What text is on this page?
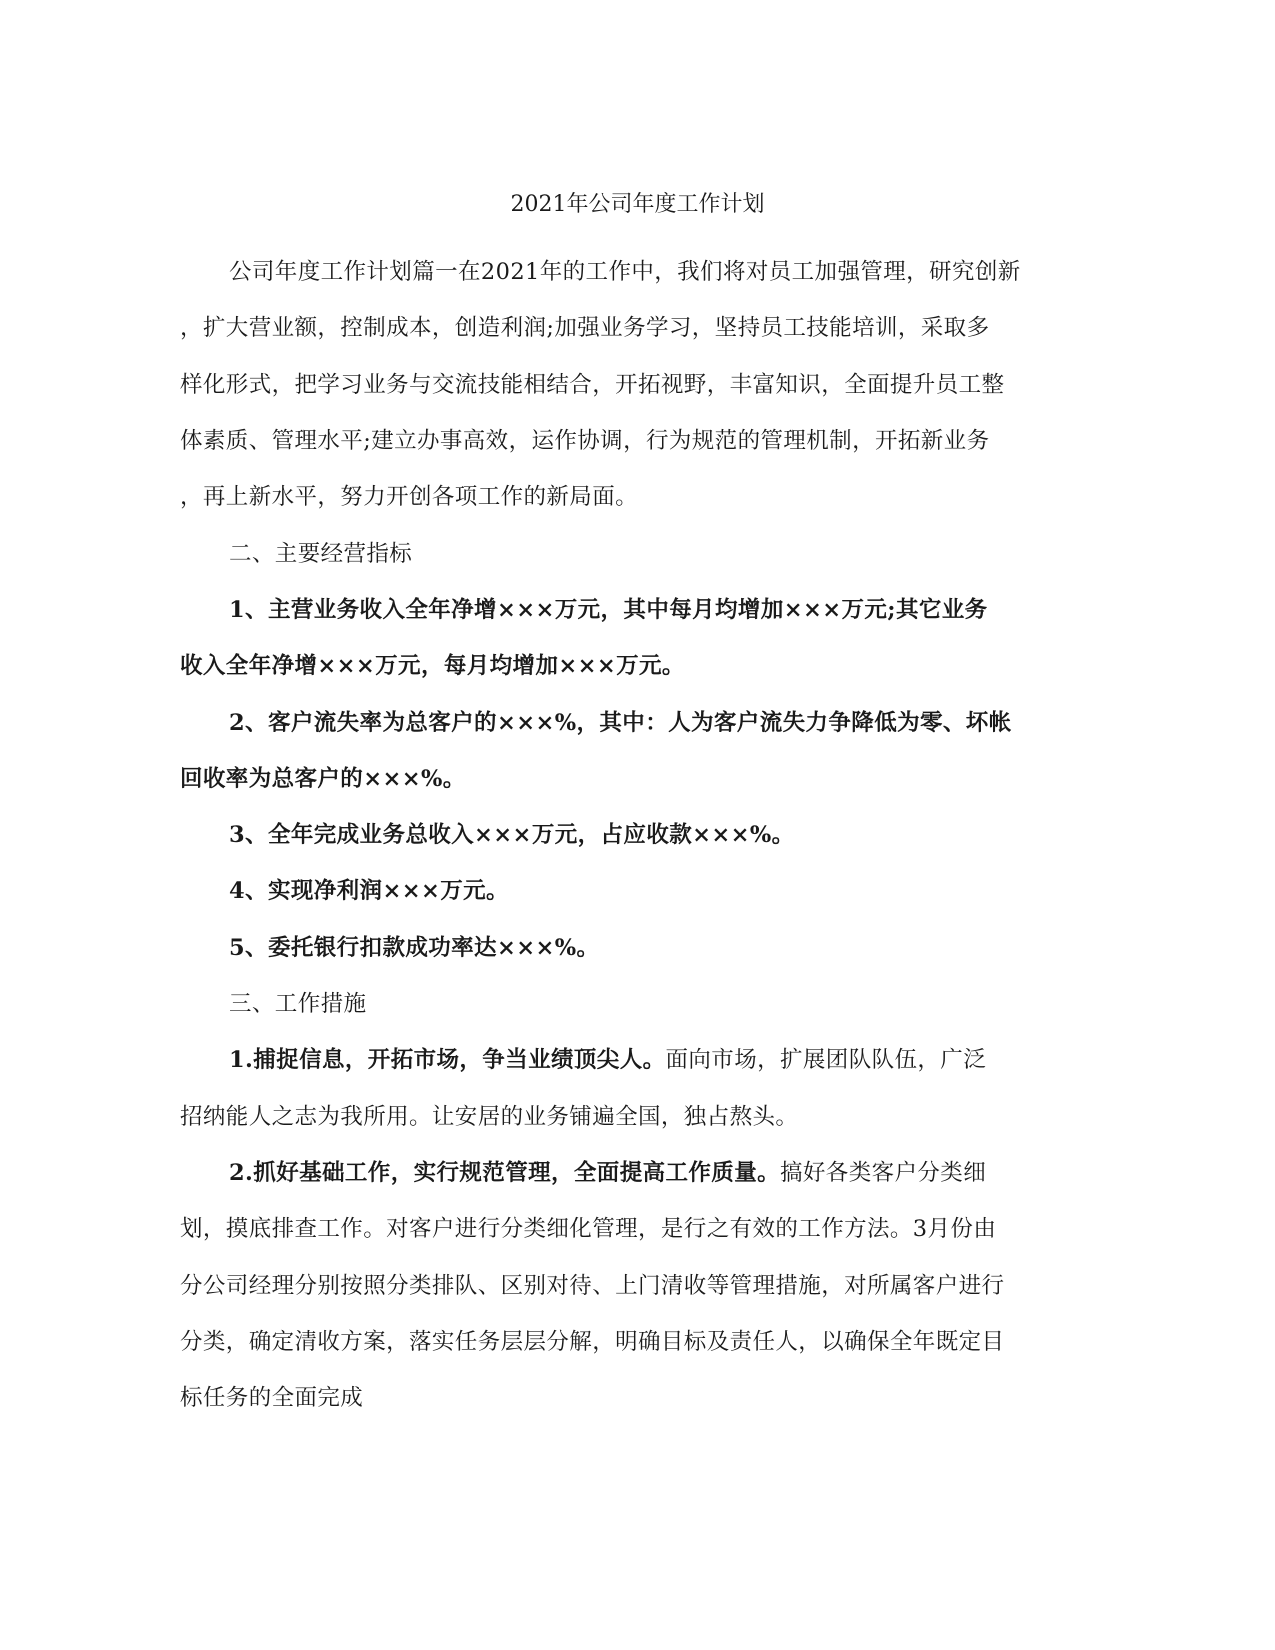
2021年公司年度工作计划
公司年度工作计划篇一在2021年的工作中，我们将对员工加强管理，研究创新
，扩大营业额，控制成本，创造利润;加强业务学习，坚持员工技能培训，采取多
样化形式，把学习业务与交流技能相结合，开拓视野，丰富知识，全面提升员工整
体素质、管理水平;建立办事高效，运作协调，行为规范的管理机制，开拓新业务
，再上新水平，努力开创各项工作的新局面。
二、主要经营指标
1、主营业务收入全年净增×××万元，其中每月均增加×××万元;其它业务
收入全年净增×××万元，每月均增加×××万元。
2、客户流失率为总客户的×××%，其中：人为客户流失力争降低为零、坏帐
回收率为总客户的×××%。
3、全年完成业务总收入×××万元，占应收款×××%。
4、实现净利润×××万元。
5、委托银行扣款成功率达×××%。
三、工作措施
1.捕捉信息，开拓市场，争当业绩顶尖人。面向市场，扩展团队队伍，广泛
招纳能人之志为我所用。让安居的业务铺遍全国，独占熬头。
2.抓好基础工作，实行规范管理，全面提高工作质量。搞好各类客户分类细
划，摸底排查工作。对客户进行分类细化管理，是行之有效的工作方法。3月份由
分公司经理分别按照分类排队、区别对待、上门清收等管理措施，对所属客户进行
分类，确定清收方案，落实任务层层分解，明确目标及责任人，以确保全年既定目
标任务的全面完成
